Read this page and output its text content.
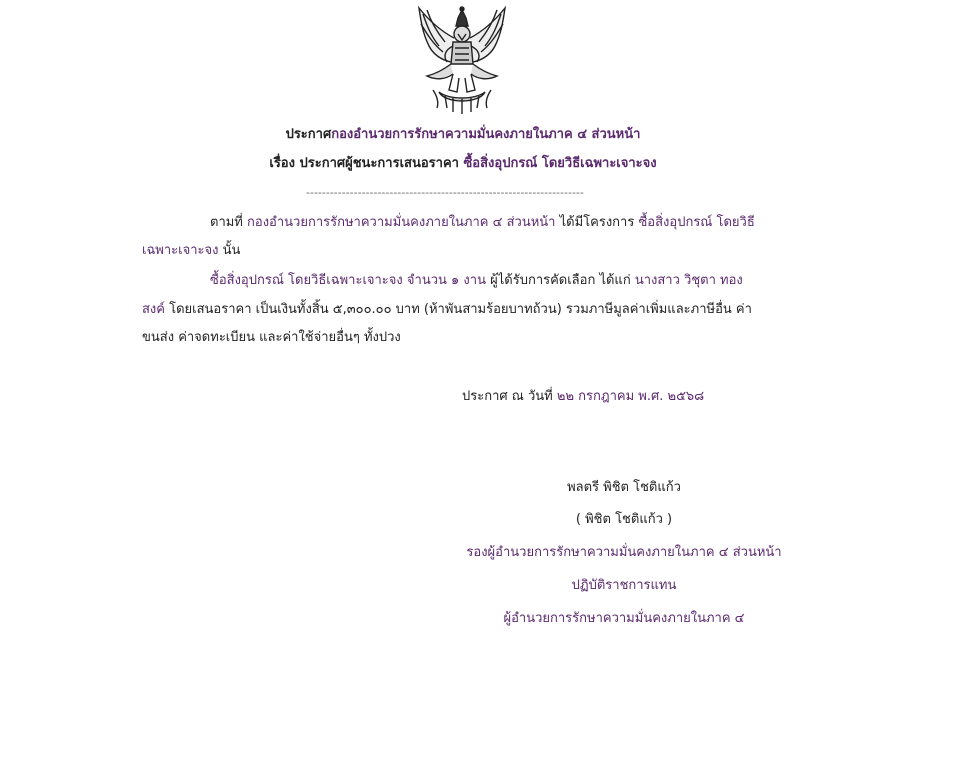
ประกาศกองอำนวยการรักษาความมั่นคงภายในภาค ๔ ส่วนหน้า
เรื่อง ประกาศผู้ชนะการเสนอราคา ซื้อสิ่งอุปกรณ์ โดยวิธีเฉพาะเจาะจง
----------------------------------------------------------------------
ตามที่ กองอำนวยการรักษาความมั่นคงภายในภาค ๔ ส่วนหน้า ได้มีโครงการ ซื้อสิ่งอุปกรณ์ โดยวิธี
เฉพาะเจาะจง นั้น
ซื้อสิ่งอุปกรณ์ โดยวิธีเฉพาะเจาะจง จำนวน ๑ งาน ผู้ได้รับการคัดเลือก ได้แก่ นางสาว วิชุตา ทอง
สงค์ โดยเสนอราคา เป็นเงินทั้งสิ้น ๕,๓๐๐.๐๐ บาท (ห้าพันสามร้อยบาทถ้วน) รวมภาษีมูลค่าเพิ่มและภาษีอื่น ค่า
ขนส่ง ค่าจดทะเบียน และค่าใช้จ่ายอื่นๆ ทั้งปวง
ประกาศ ณ วันที่ ๒๒ กรกฎาคม พ.ศ. ๒๕๖๘
พลตรี พิชิต โชติแก้ว
( พิชิต โชติแก้ว )
รองผู้อำนวยการรักษาความมั่นคงภายในภาค ๔ ส่วนหน้า
ปฏิบัติราชการแทน
ผู้อำนวยการรักษาความมั่นคงภายในภาค ๔
